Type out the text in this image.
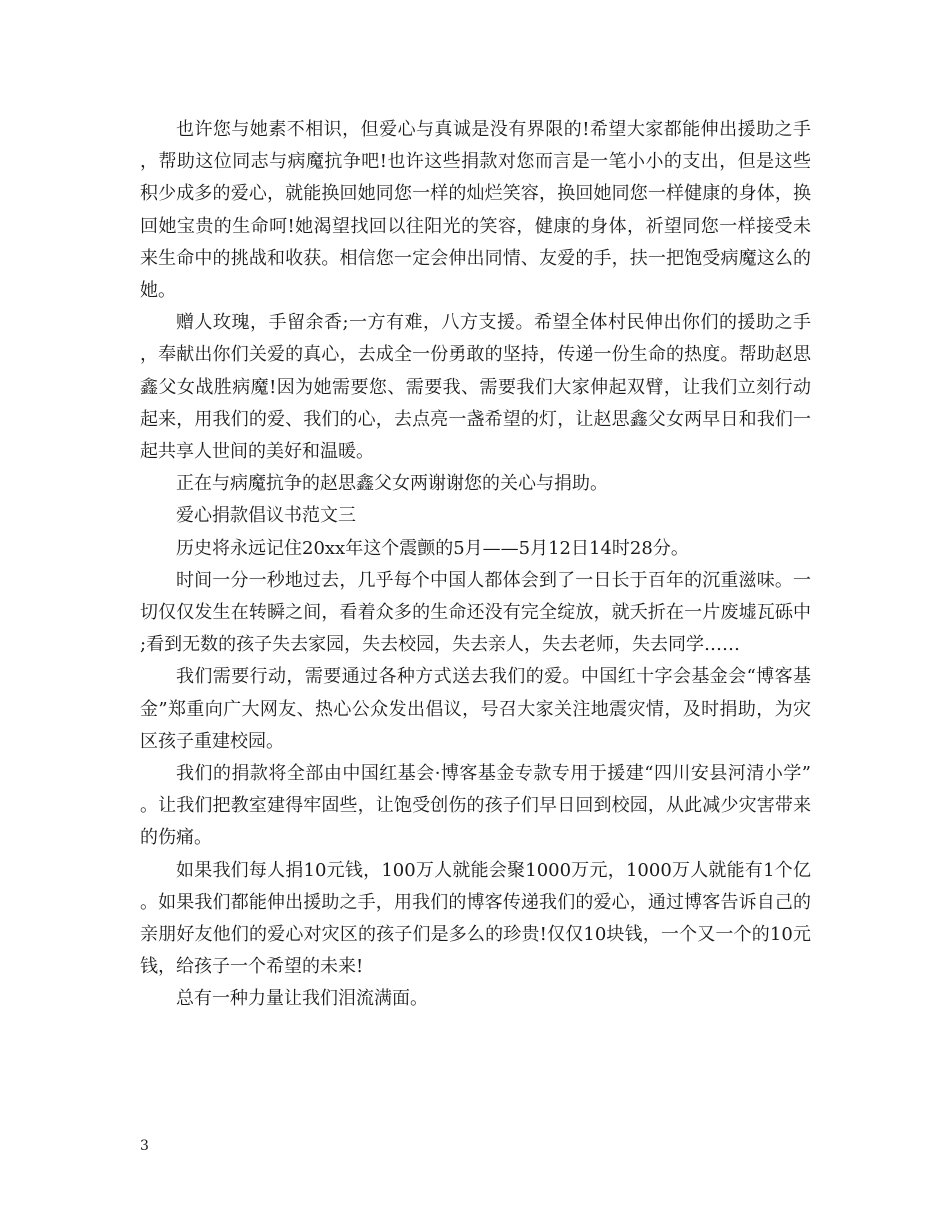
也许您与她素不相识，但爱心与真诚是没有界限的!希望大家都能伸出援助之手，帮助这位同志与病魔抗争吧!也许这些捐款对您而言是一笔小小的支出，但是这些积少成多的爱心，就能换回她同您一样的灿烂笑容，换回她同您一样健康的身体，换回她宝贵的生命呵!她渴望找回以往阳光的笑容，健康的身体，祈望同您一样接受未来生命中的挑战和收获。相信您一定会伸出同情、友爱的手，扶一把饱受病魔这么的她。

赠人玫瑰，手留余香;一方有难，八方支援。希望全体村民伸出你们的援助之手，奉献出你们关爱的真心，去成全一份勇敢的坚持，传递一份生命的热度。帮助赵思鑫父女战胜病魔!因为她需要您、需要我、需要我们大家伸起双臂，让我们立刻行动起来，用我们的爱、我们的心，去点亮一盏希望的灯，让赵思鑫父女两早日和我们一起共享人世间的美好和温暖。

正在与病魔抗争的赵思鑫父女两谢谢您的关心与捐助。

爱心捐款倡议书范文三

历史将永远记住20xx年这个震颤的5月——5月12日14时28分。

时间一分一秒地过去，几乎每个中国人都体会到了一日长于百年的沉重滋味。一切仅仅发生在转瞬之间，看着众多的生命还没有完全绽放，就夭折在一片废墟瓦砾中;看到无数的孩子失去家园，失去校园，失去亲人，失去老师，失去同学……

我们需要行动，需要通过各种方式送去我们的爱。中国红十字会基金会“博客基金”郑重向广大网友、热心公众发出倡议，号召大家关注地震灾情，及时捐助，为灾区孩子重建校园。

我们的捐款将全部由中国红基会·博客基金专款专用于援建“四川安县河清小学”。让我们把教室建得牢固些，让饱受创伤的孩子们早日回到校园，从此减少灾害带来的伤痛。

如果我们每人捐10元钱，100万人就能会聚1000万元，1000万人就能有1个亿。如果我们都能伸出援助之手，用我们的博客传递我们的爱心，通过博客告诉自己的亲朋好友他们的爱心对灾区的孩子们是多么的珍贵!仅仅10块钱，一个又一个的10元钱，给孩子一个希望的未来!

总有一种力量让我们泪流满面。

3
